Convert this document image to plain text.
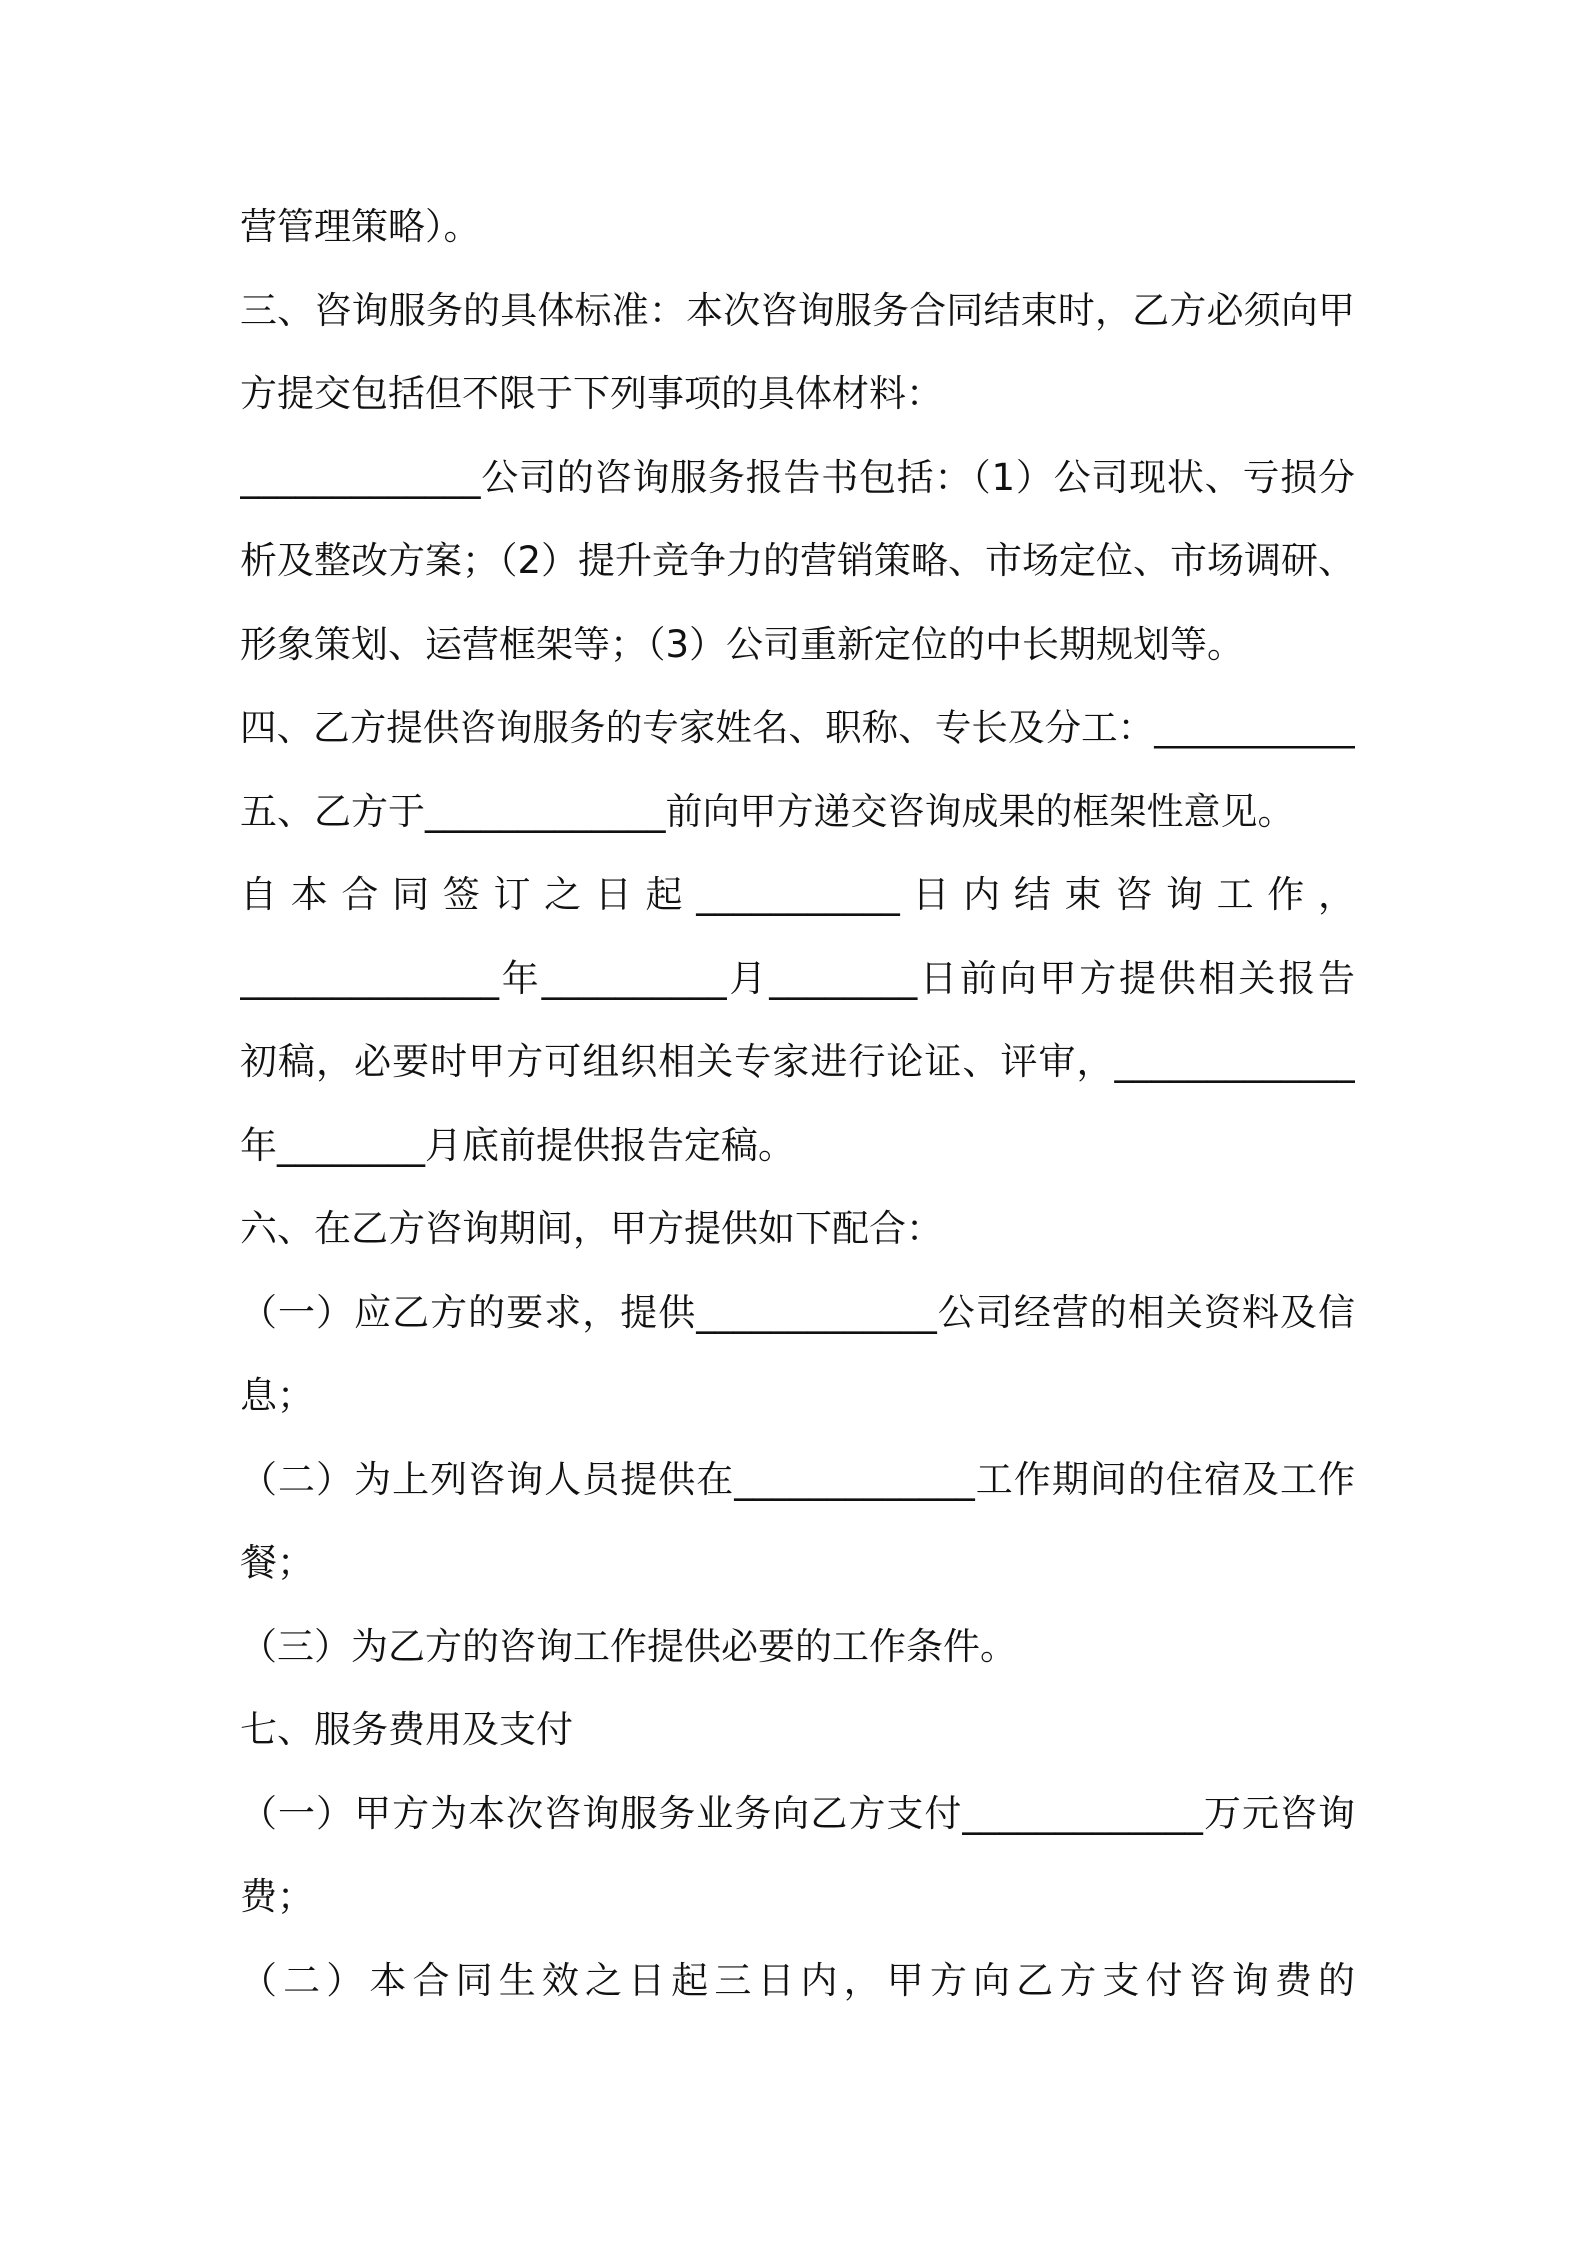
营管理策略）。
三、咨询服务的具体标准：本次咨询服务合同结束时，乙方必须向甲
方提交包括但不限于下列事项的具体材料：
_____________公司的咨询服务报告书包括：（1）公司现状、亏损分
析及整改方案；（2）提升竞争力的营销策略、市场定位、市场调研、
形象策划、运营框架等；（3）公司重新定位的中长期规划等。
四、乙方提供咨询服务的专家姓名、职称、专长及分工：___________
五、乙方于_____________前向甲方递交咨询成果的框架性意见。
自 本 合 同 签 订 之 日 起 ___________ 日 内 结 束 咨 询 工 作 ，
______________年__________月________日前向甲方提供相关报告
初稿，必要时甲方可组织相关专家进行论证、评审，_____________
年________月底前提供报告定稿。
六、在乙方咨询期间，甲方提供如下配合：
（一）应乙方的要求，提供_____________公司经营的相关资料及信
息；
（二）为上列咨询人员提供在_____________工作期间的住宿及工作
餐；
（三）为乙方的咨询工作提供必要的工作条件。
七、服务费用及支付
（一）甲方为本次咨询服务业务向乙方支付_____________万元咨询
费；
（二）本合同生效之日起三日内，甲方向乙方支付咨询费的
